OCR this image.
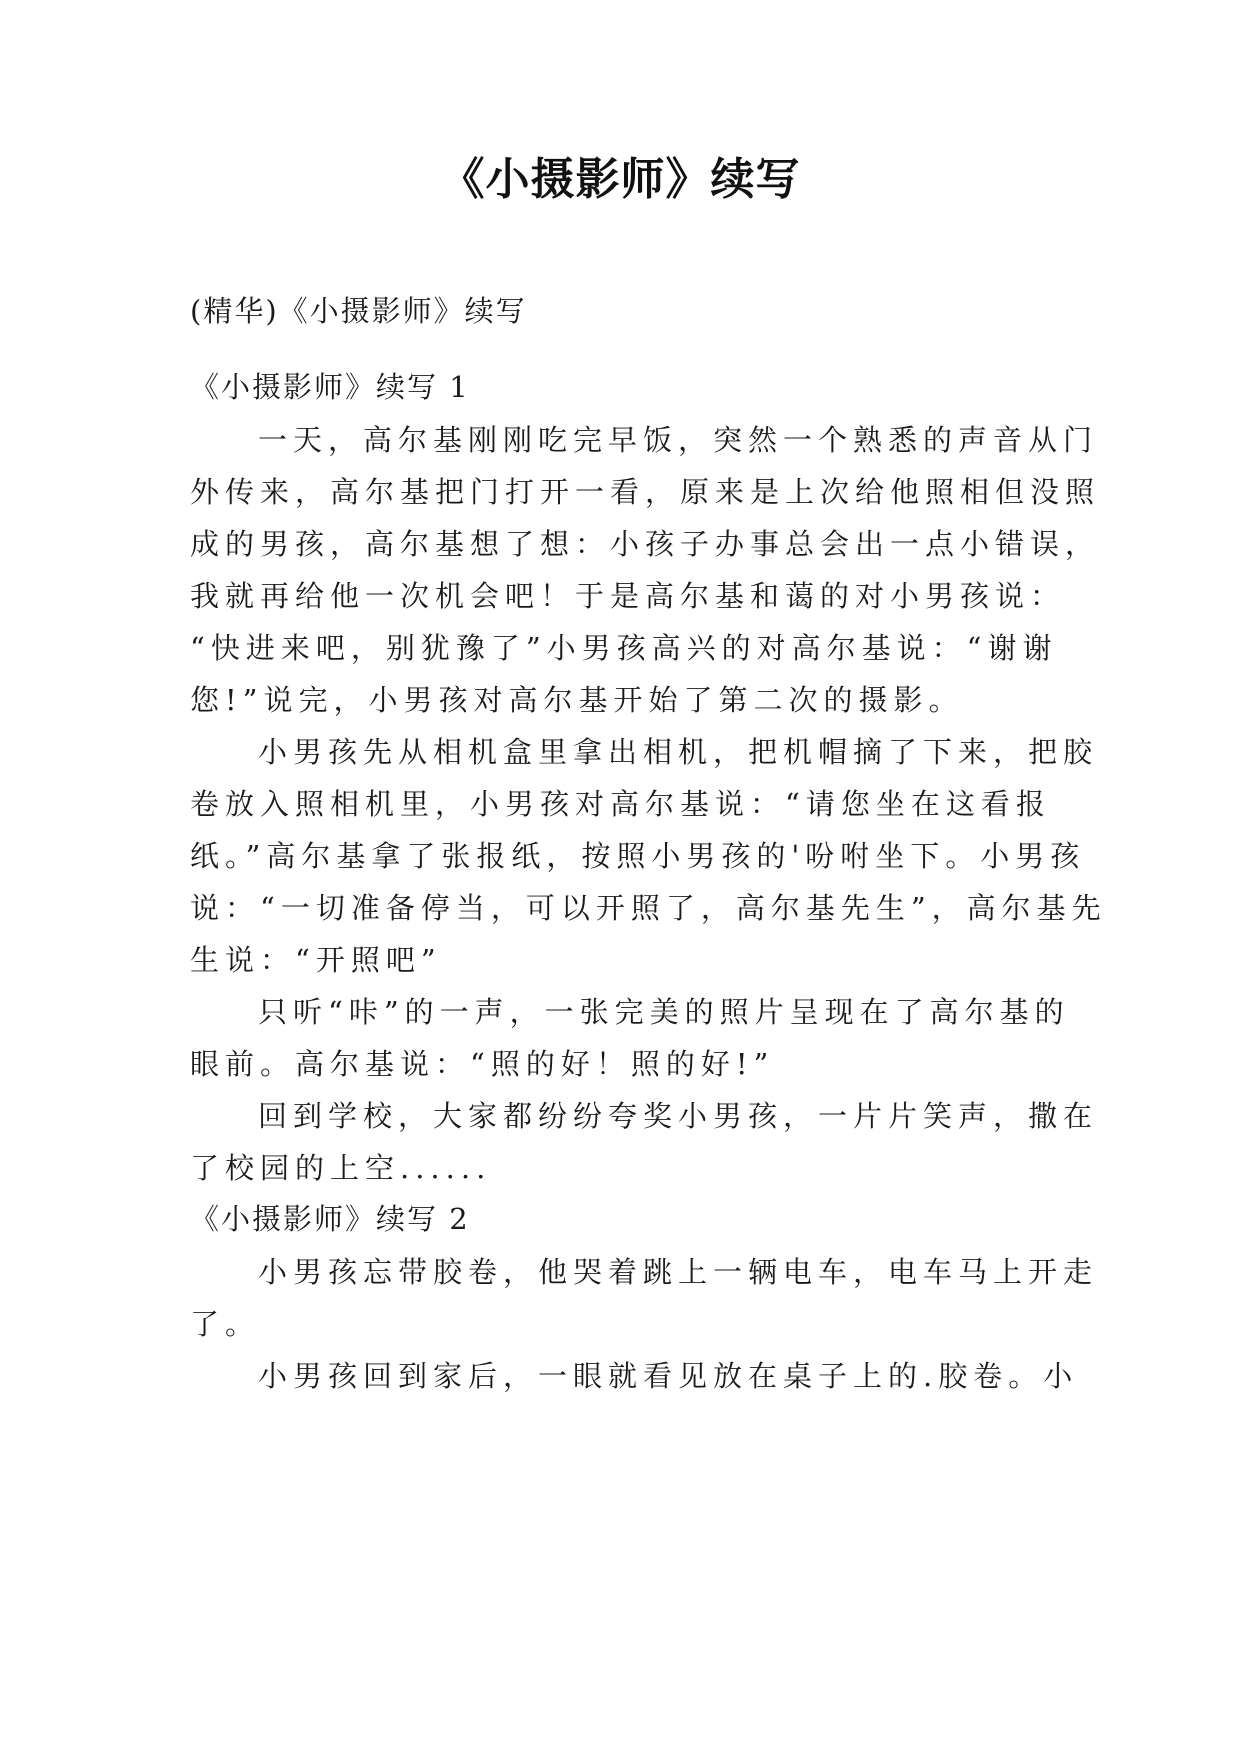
《小摄影师》续写
(精华)《小摄影师》续写
《小摄影师》续写 1
一天，高尔基刚刚吃完早饭，突然一个熟悉的声音从门
外传来，高尔基把门打开一看，原来是上次给他照相但没照
成的男孩，高尔基想了想：小孩子办事总会出一点小错误，
我就再给他一次机会吧！于是高尔基和蔼的对小男孩说：
“快进来吧，别犹豫了”小男孩高兴的对高尔基说：“谢谢
您!”说完，小男孩对高尔基开始了第二次的摄影。
小男孩先从相机盒里拿出相机，把机帽摘了下来，把胶
卷放入照相机里，小男孩对高尔基说：“请您坐在这看报
纸。”高尔基拿了张报纸，按照小男孩的'吩咐坐下。小男孩
说：“一切准备停当，可以开照了，高尔基先生”，高尔基先
生说：“开照吧”
只听“咔”的一声，一张完美的照片呈现在了高尔基的
眼前。高尔基说：“照的好！照的好!”
回到学校，大家都纷纷夸奖小男孩，一片片笑声，撒在
了校园的上空......
《小摄影师》续写 2
小男孩忘带胶卷，他哭着跳上一辆电车，电车马上开走
了。
小男孩回到家后，一眼就看见放在桌子上的.胶卷。小
